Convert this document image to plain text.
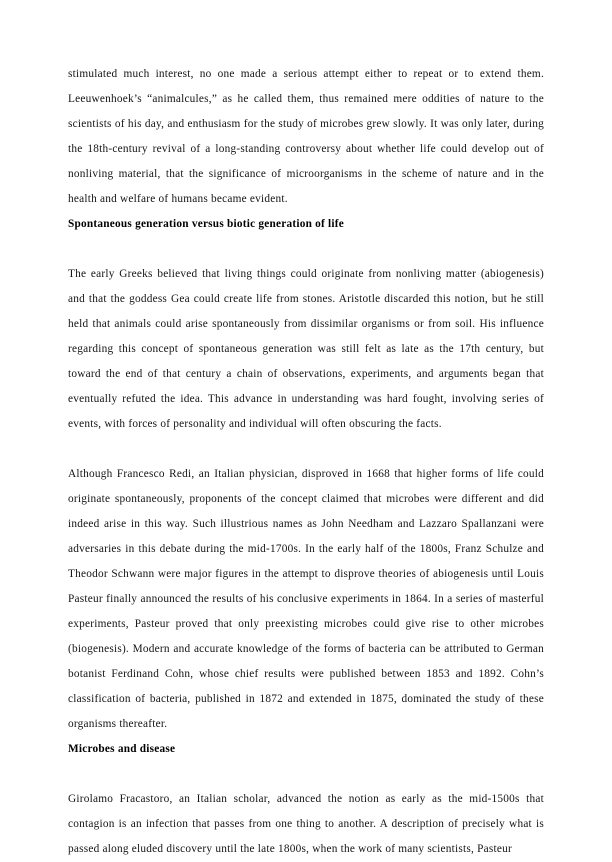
stimulated much interest, no one made a serious attempt either to repeat or to extend them. Leeuwenhoek’s “animalcules,” as he called them, thus remained mere oddities of nature to the scientists of his day, and enthusiasm for the study of microbes grew slowly. It was only later, during the 18th-century revival of a long-standing controversy about whether life could develop out of nonliving material, that the significance of microorganisms in the scheme of nature and in the health and welfare of humans became evident.

Spontaneous generation versus biotic generation of life

The early Greeks believed that living things could originate from nonliving matter (abiogenesis) and that the goddess Gea could create life from stones. Aristotle discarded this notion, but he still held that animals could arise spontaneously from dissimilar organisms or from soil. His influence regarding this concept of spontaneous generation was still felt as late as the 17th century, but toward the end of that century a chain of observations, experiments, and arguments began that eventually refuted the idea. This advance in understanding was hard fought, involving series of events, with forces of personality and individual will often obscuring the facts.

Although Francesco Redi, an Italian physician, disproved in 1668 that higher forms of life could originate spontaneously, proponents of the concept claimed that microbes were different and did indeed arise in this way. Such illustrious names as John Needham and Lazzaro Spallanzani were adversaries in this debate during the mid-1700s. In the early half of the 1800s, Franz Schulze and Theodor Schwann were major figures in the attempt to disprove theories of abiogenesis until Louis Pasteur finally announced the results of his conclusive experiments in 1864. In a series of masterful experiments, Pasteur proved that only preexisting microbes could give rise to other microbes (biogenesis). Modern and accurate knowledge of the forms of bacteria can be attributed to German botanist Ferdinand Cohn, whose chief results were published between 1853 and 1892. Cohn’s classification of bacteria, published in 1872 and extended in 1875, dominated the study of these organisms thereafter.

Microbes and disease

Girolamo Fracastoro, an Italian scholar, advanced the notion as early as the mid-1500s that contagion is an infection that passes from one thing to another. A description of precisely what is passed along eluded discovery until the late 1800s, when the work of many scientists, Pasteur
